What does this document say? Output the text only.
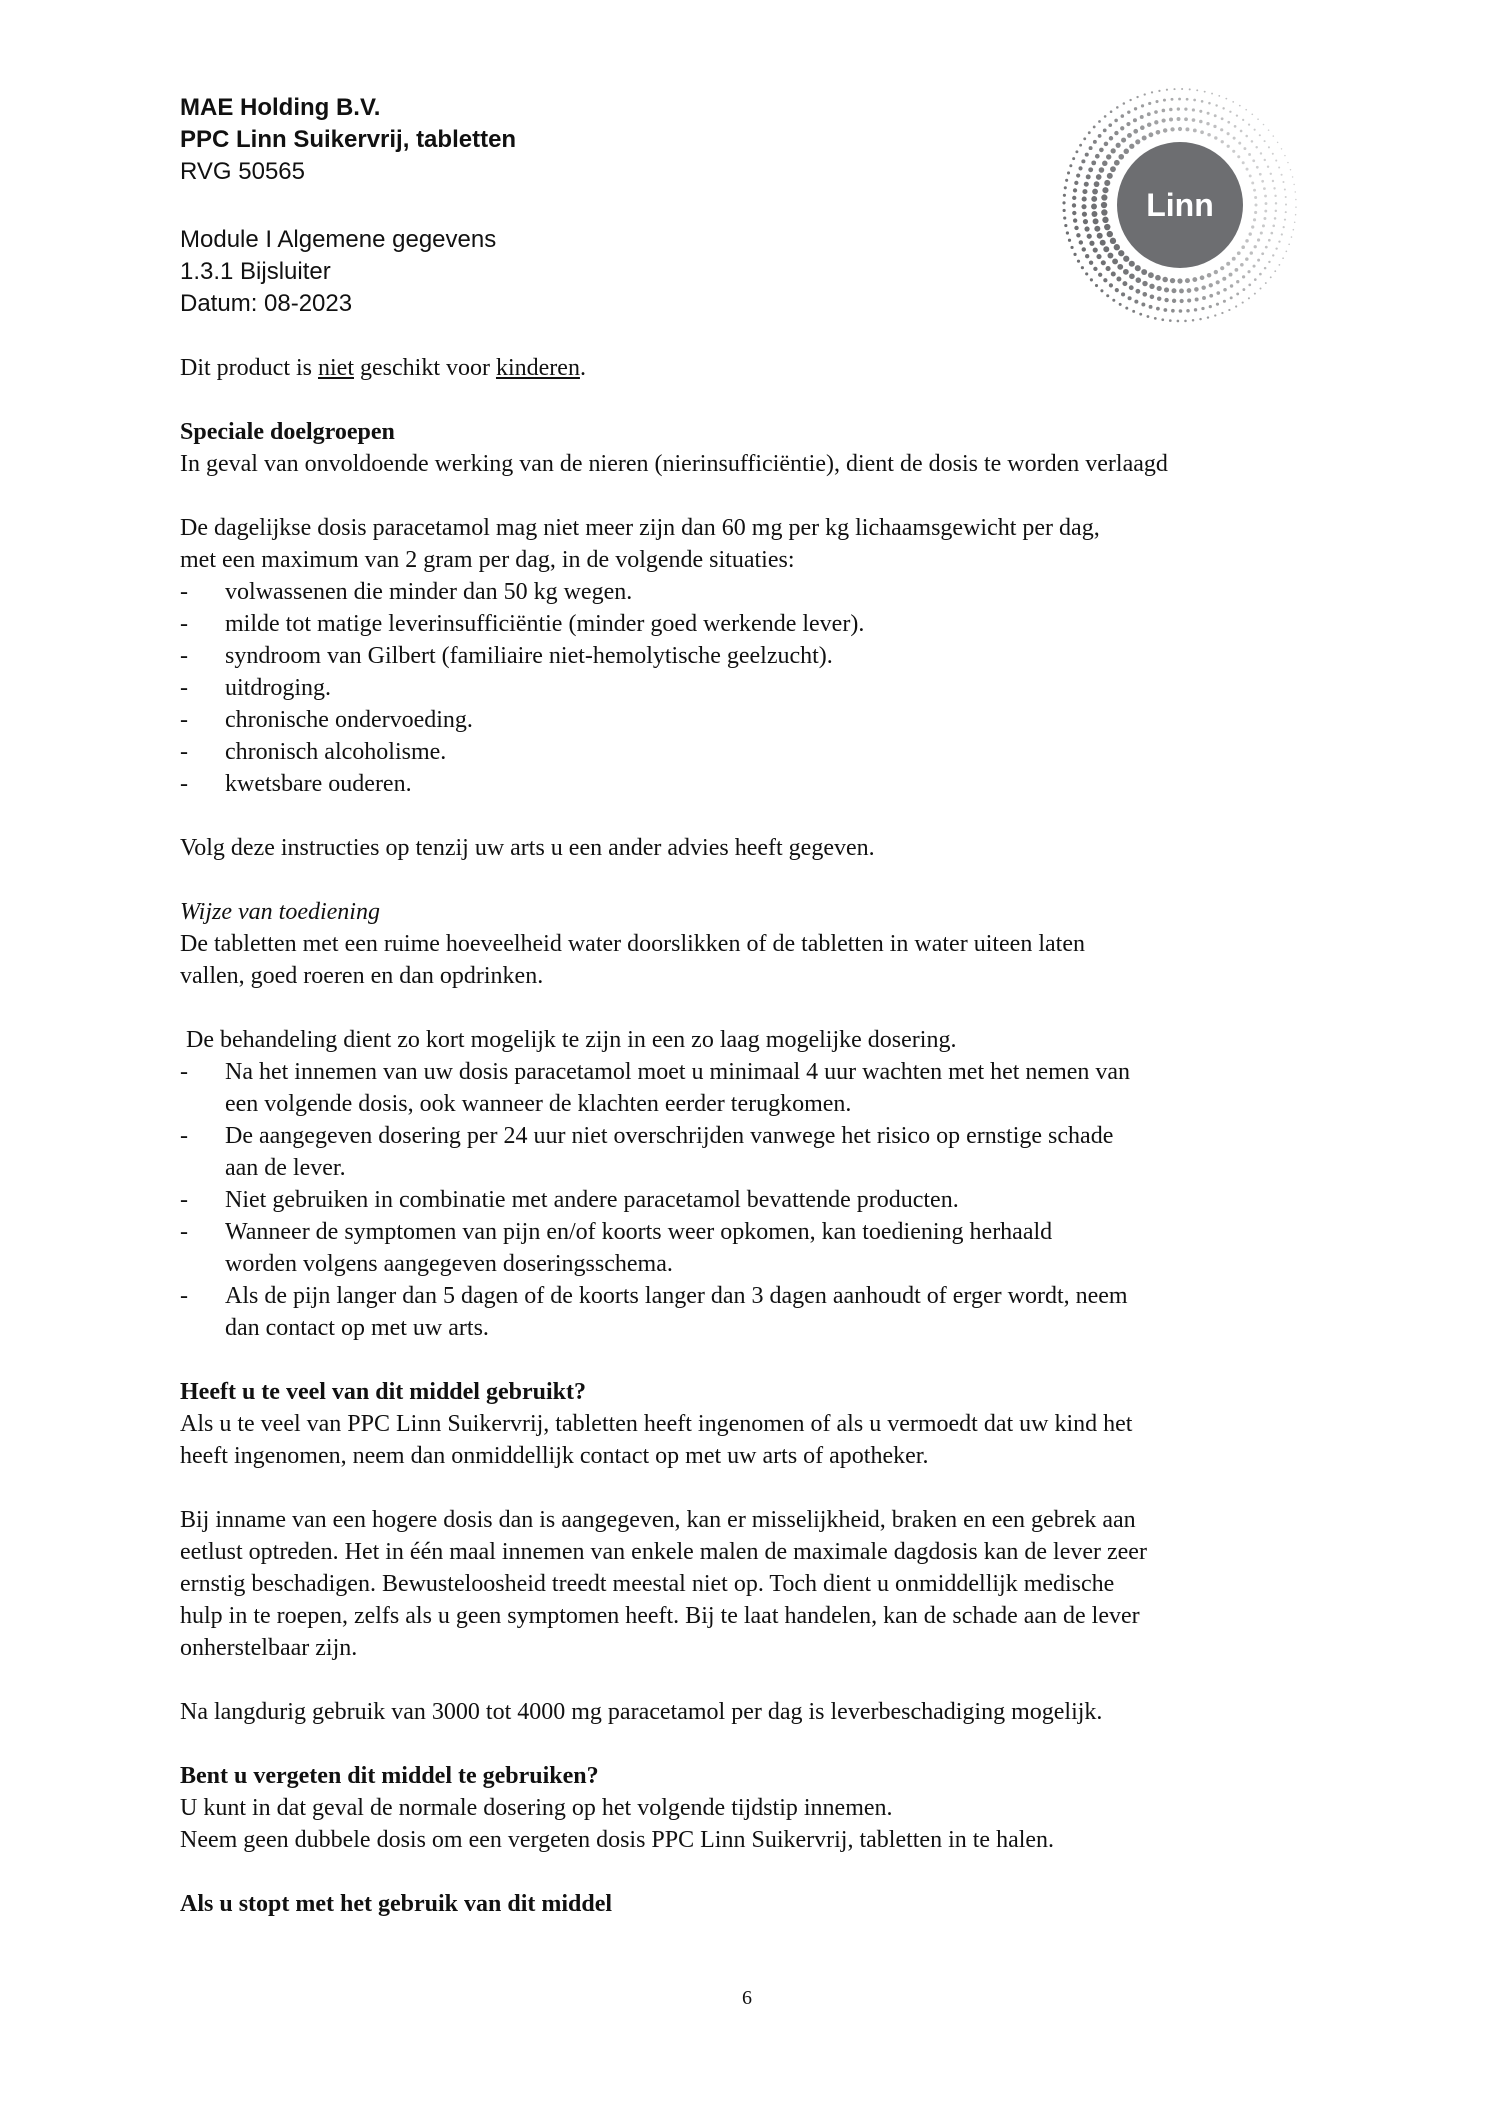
MAE Holding B.V.
PPC Linn Suikervrij, tabletten
RVG 50565
Module I Algemene gegevens
1.3.1 Bijsluiter
Datum: 08-2023
Linn

Dit product is niet geschikt voor kinderen.

Speciale doelgroepen

In geval van onvoldoende werking van de nieren (nierinsufficiëntie), dient de dosis te worden verlaagd

De dagelijkse dosis paracetamol mag niet meer zijn dan 60 mg per kg lichaamsgewicht per dag,

met een maximum van 2 gram per dag, in de volgende situaties:

- volwassenen die minder dan 50 kg wegen.
- milde tot matige leverinsufficiëntie (minder goed werkende lever).
- syndroom van Gilbert (familiaire niet-hemolytische geelzucht).
- uitdroging.
- chronische ondervoeding.
- chronisch alcoholisme.
- kwetsbare ouderen.

Volg deze instructies op tenzij uw arts u een ander advies heeft gegeven.

Wijze van toediening

De tabletten met een ruime hoeveelheid water doorslikken of de tabletten in water uiteen laten

vallen, goed roeren en dan opdrinken.

De behandeling dient zo kort mogelijk te zijn in een zo laag mogelijke dosering.

- Na het innemen van uw dosis paracetamol moet u minimaal 4 uur wachten met het nemen van
een volgende dosis, ook wanneer de klachten eerder terugkomen.
- De aangegeven dosering per 24 uur niet overschrijden vanwege het risico op ernstige schade
aan de lever.
- Niet gebruiken in combinatie met andere paracetamol bevattende producten.
- Wanneer de symptomen van pijn en/of koorts weer opkomen, kan toediening herhaald
worden volgens aangegeven doseringsschema.
- Als de pijn langer dan 5 dagen of de koorts langer dan 3 dagen aanhoudt of erger wordt, neem
dan contact op met uw arts.

Heeft u te veel van dit middel gebruikt?

Als u te veel van PPC Linn Suikervrij, tabletten heeft ingenomen of als u vermoedt dat uw kind het

heeft ingenomen, neem dan onmiddellijk contact op met uw arts of apotheker.

Bij inname van een hogere dosis dan is aangegeven, kan er misselijkheid, braken en een gebrek aan

eetlust optreden. Het in één maal innemen van enkele malen de maximale dagdosis kan de lever zeer

ernstig beschadigen. Bewusteloosheid treedt meestal niet op. Toch dient u onmiddellijk medische

hulp in te roepen, zelfs als u geen symptomen heeft. Bij te laat handelen, kan de schade aan de lever

onherstelbaar zijn.

Na langdurig gebruik van 3000 tot 4000 mg paracetamol per dag is leverbeschadiging mogelijk.

Bent u vergeten dit middel te gebruiken?

U kunt in dat geval de normale dosering op het volgende tijdstip innemen.

Neem geen dubbele dosis om een vergeten dosis PPC Linn Suikervrij, tabletten in te halen.

Als u stopt met het gebruik van dit middel

6
